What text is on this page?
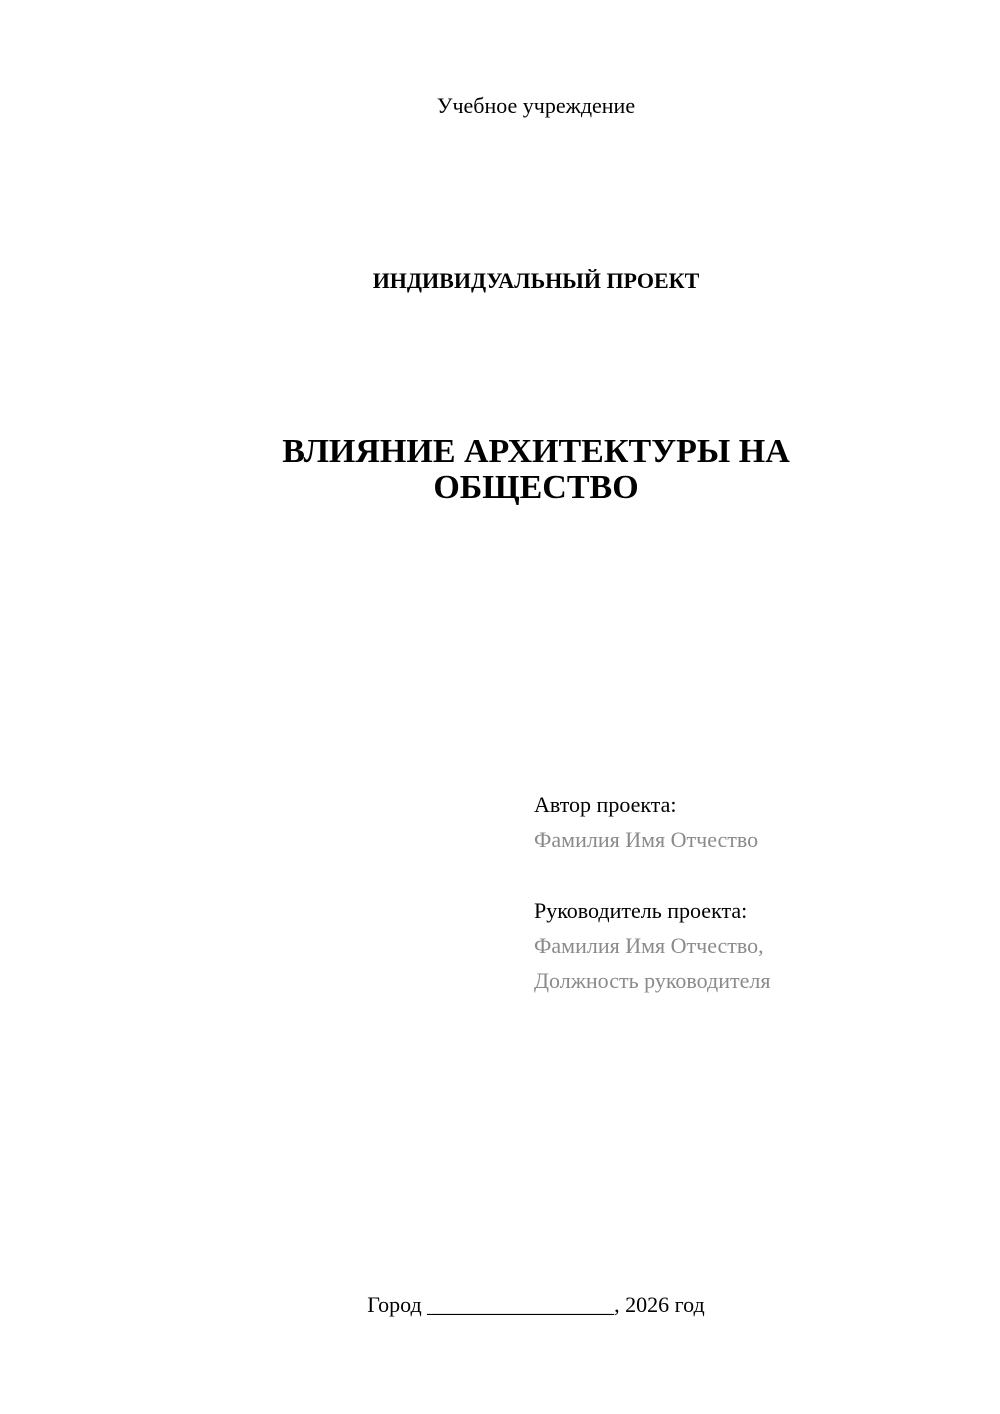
Учебное учреждение
ИНДИВИДУАЛЬНЫЙ ПРОЕКТ
ВЛИЯНИЕ АРХИТЕКТУРЫ НА
ОБЩЕСТВО
Автор проекта:
Фамилия Имя Отчество
Руководитель проекта:
Фамилия Имя Отчество,
Должность руководителя
Город _________________, 2026 год
